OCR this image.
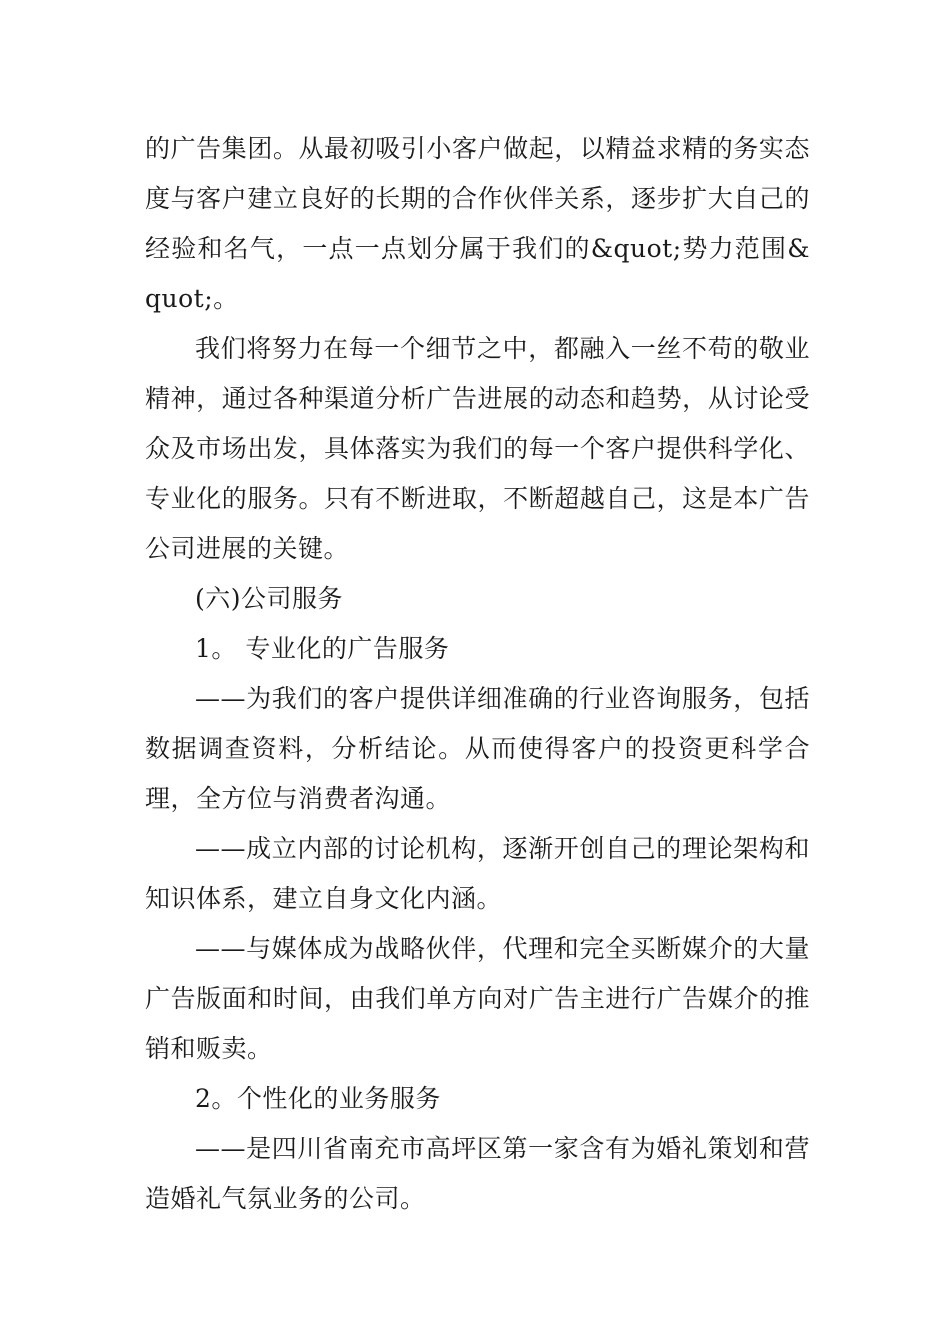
的广告集团。从最初吸引小客户做起，以精益求精的务实态度与客户建立良好的长期的合作伙伴关系，逐步扩大自己的经验和名气，一点一点划分属于我们的&quot;势力范围&quot;。

我们将努力在每一个细节之中，都融入一丝不苟的敬业精神，通过各种渠道分析广告进展的动态和趋势，从讨论受众及市场出发，具体落实为我们的每一个客户提供科学化、专业化的服务。只有不断进取，不断超越自己，这是本广告公司进展的关键。

(六)公司服务

1。 专业化的广告服务

——为我们的客户提供详细准确的行业咨询服务，包括数据调查资料，分析结论。从而使得客户的投资更科学合理，全方位与消费者沟通。

——成立内部的讨论机构，逐渐开创自己的理论架构和知识体系，建立自身文化内涵。

——与媒体成为战略伙伴，代理和完全买断媒介的大量广告版面和时间，由我们单方向对广告主进行广告媒介的推销和贩卖。

2。个性化的业务服务

——是四川省南充市高坪区第一家含有为婚礼策划和营造婚礼气氛业务的公司。
